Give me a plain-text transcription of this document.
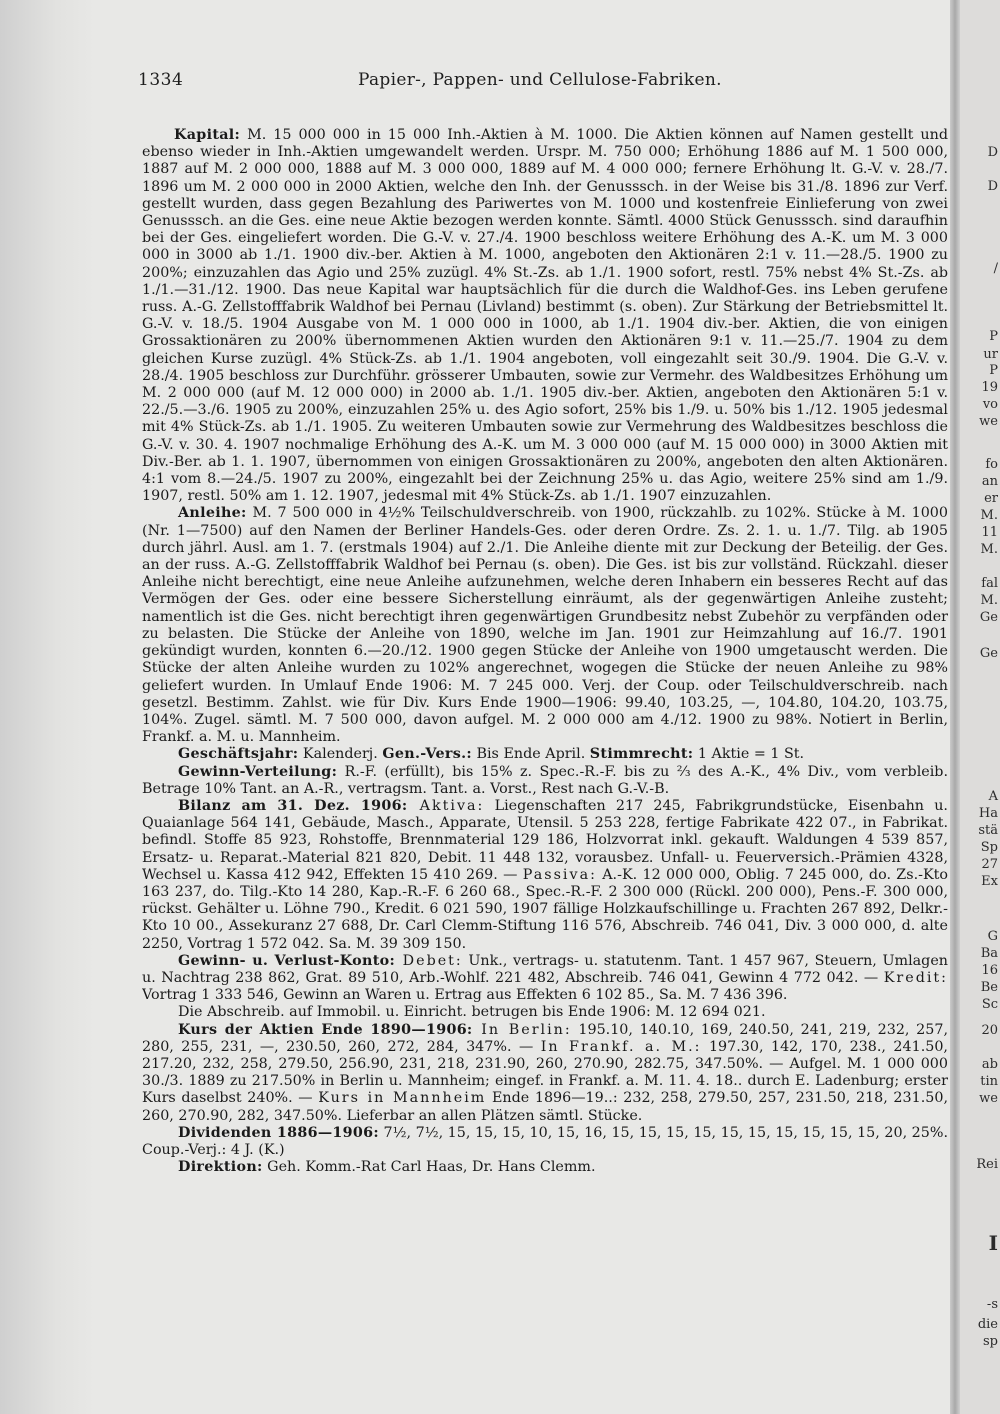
1334	Papier-, Pappen- und Cellulose-Fabriken.

Kapital: M. 15 000 000 in 15 000 Inh.-Aktien à M. 1000. Die Aktien können auf Namen gestellt und ebenso wieder in Inh.-Aktien umgewandelt werden. Urspr. M. 750 000; Erhöhung 1886 auf M. 1 500 000, 1887 auf M. 2 000 000, 1888 auf M. 3 000 000, 1889 auf M. 4 000 000; fernere Erhöhung lt. G.-V. v. 28./7. 1896 um M. 2 000 000 in 2000 Aktien, welche den Inh. der Genusssch. in der Weise bis 31./8. 1896 zur Verf. gestellt wurden, dass gegen Bezahlung des Pariwertes von M. 1000 und kostenfreie Einlieferung von zwei Genusssch. an die Ges. eine neue Aktie bezogen werden konnte. Sämtl. 4000 Stück Genusssch. sind daraufhin bei der Ges. eingeliefert worden. Die G.-V. v. 27./4. 1900 beschloss weitere Erhöhung des A.-K. um M. 3 000 000 in 3000 ab 1./1. 1900 div.-ber. Aktien à M. 1000, angeboten den Aktionären 2:1 v. 11.—28./5. 1900 zu 200%; einzuzahlen das Agio und 25% zuzügl. 4% St.-Zs. ab 1./1. 1900 sofort, restl. 75% nebst 4% St.-Zs. ab 1./1.—31./12. 1900. Das neue Kapital war hauptsächlich für die durch die Waldhof-Ges. ins Leben gerufene russ. A.-G. Zellstofffabrik Waldhof bei Pernau (Livland) bestimmt (s. oben). Zur Stärkung der Betriebsmittel lt. G.-V. v. 18./5. 1904 Ausgabe von M. 1 000 000 in 1000, ab 1./1. 1904 div.-ber. Aktien, die von einigen Grossaktionären zu 200% übernommenen Aktien wurden den Aktionären 9:1 v. 11.—25./7. 1904 zu dem gleichen Kurse zuzügl. 4% Stück-Zs. ab 1./1. 1904 angeboten, voll eingezahlt seit 30./9. 1904. Die G.-V. v. 28./4. 1905 beschloss zur Durchführ. grösserer Umbauten, sowie zur Vermehr. des Waldbesitzes Erhöhung um M. 2 000 000 (auf M. 12 000 000) in 2000 ab. 1./1. 1905 div.-ber. Aktien, angeboten den Aktionären 5:1 v. 22./5.—3./6. 1905 zu 200%, einzuzahlen 25% u. des Agio sofort, 25% bis 1./9. u. 50% bis 1./12. 1905 jedesmal mit 4% Stück-Zs. ab 1./1. 1905. Zu weiteren Umbauten sowie zur Vermehrung des Waldbesitzes beschloss die G.-V. v. 30. 4. 1907 nochmalige Erhöhung des A.-K. um M. 3 000 000 (auf M. 15 000 000) in 3000 Aktien mit Div.-Ber. ab 1. 1. 1907, übernommen von einigen Grossaktionären zu 200%, angeboten den alten Aktionären. 4:1 vom 8.—24./5. 1907 zu 200%, eingezahlt bei der Zeichnung 25% u. das Agio, weitere 25% sind am 1./9. 1907, restl. 50% am 1. 12. 1907, jedesmal mit 4% Stück-Zs. ab 1./1. 1907 einzuzahlen.

Anleihe: M. 7 500 000 in 4½% Teilschuldverschreib. von 1900, rückzahlb. zu 102%. Stücke à M. 1000 (Nr. 1—7500) auf den Namen der Berliner Handels-Ges. oder deren Ordre. Zs. 2. 1. u. 1./7. Tilg. ab 1905 durch jährl. Ausl. am 1. 7. (erstmals 1904) auf 2./1. Die Anleihe diente mit zur Deckung der Beteilig. der Ges. an der russ. A.-G. Zellstofffabrik Waldhof bei Pernau (s. oben). Die Ges. ist bis zur vollständ. Rückzahl. dieser Anleihe nicht berechtigt, eine neue Anleihe aufzunehmen, welche deren Inhabern ein besseres Recht auf das Vermögen der Ges. oder eine bessere Sicherstellung einräumt, als der gegenwärtigen Anleihe zusteht; namentlich ist die Ges. nicht berechtigt ihren gegenwärtigen Grundbesitz nebst Zubehör zu verpfänden oder zu belasten. Die Stücke der Anleihe von 1890, welche im Jan. 1901 zur Heimzahlung auf 16./7. 1901 gekündigt wurden, konnten 6.—20./12. 1900 gegen Stücke der Anleihe von 1900 umgetauscht werden. Die Stücke der alten Anleihe wurden zu 102% angerechnet, wogegen die Stücke der neuen Anleihe zu 98% geliefert wurden. In Umlauf Ende 1906: M. 7 245 000. Verj. der Coup. oder Teilschuldverschreib. nach gesetzl. Bestimm. Zahlst. wie für Div. Kurs Ende 1900—1906: 99.40, 103.25, —, 104.80, 104.20, 103.75, 104%. Zugel. sämtl. M. 7 500 000, davon aufgel. M. 2 000 000 am 4./12. 1900 zu 98%. Notiert in Berlin, Frankf. a. M. u. Mannheim.

Geschäftsjahr: Kalenderj. Gen.-Vers.: Bis Ende April. Stimmrecht: 1 Aktie = 1 St.

Gewinn-Verteilung: R.-F. (erfüllt), bis 15% z. Spec.-R.-F. bis zu ⅔ des A.-K., 4% Div., vom verbleib. Betrage 10% Tant. an A.-R., vertragsm. Tant. a. Vorst., Rest nach G.-V.-B.

Bilanz am 31. Dez. 1906: Aktiva: Liegenschaften 217 245, Fabrikgrundstücke, Eisenbahn u. Quaianlage 564 141, Gebäude, Masch., Apparate, Utensil. 5 253 228, fertige Fabrikate 422 07., in Fabrikat. befindl. Stoffe 85 923, Rohstoffe, Brennmaterial 129 186, Holzvorrat inkl. gekauft. Waldungen 4 539 857, Ersatz- u. Reparat.-Material 821 820, Debit. 11 448 132, vorausbez. Unfall- u. Feuerversich.-Prämien 4328, Wechsel u. Kassa 412 942, Effekten 15 410 269. — Passiva: A.-K. 12 000 000, Oblig. 7 245 000, do. Zs.-Kto 163 237, do. Tilg.-Kto 14 280, Kap.-R.-F. 6 260 68., Spec.-R.-F. 2 300 000 (Rückl. 200 000), Pens.-F. 300 000, rückst. Gehälter u. Löhne 790., Kredit. 6 021 590, 1907 fällige Holzkaufschillinge u. Frachten 267 892, Delkr.-Kto 10 00., Assekuranz 27 688, Dr. Carl Clemm-Stiftung 116 576, Abschreib. 746 041, Div. 3 000 000, d. alte 2250, Vortrag 1 572 042. Sa. M. 39 309 150.

Gewinn- u. Verlust-Konto: Debet: Unk., vertrags- u. statutenm. Tant. 1 457 967, Steuern, Umlagen u. Nachtrag 238 862, Grat. 89 510, Arb.-Wohlf. 221 482, Abschreib. 746 041, Gewinn 4 772 042. — Kredit: Vortrag 1 333 546, Gewinn an Waren u. Ertrag aus Effekten 6 102 85., Sa. M. 7 436 396.

Die Abschreib. auf Immobil. u. Einricht. betrugen bis Ende 1906: M. 12 694 021.

Kurs der Aktien Ende 1890—1906: In Berlin: 195.10, 140.10, 169, 240.50, 241, 219, 232, 257, 280, 255, 231, —, 230.50, 260, 272, 284, 347%. — In Frankf. a. M.: 197.30, 142, 170, 238., 241.50, 217.20, 232, 258, 279.50, 256.90, 231, 218, 231.90, 260, 270.90, 282.75, 347.50%. — Aufgel. M. 1 000 000 30./3. 1889 zu 217.50% in Berlin u. Mannheim; eingef. in Frankf. a. M. 11. 4. 18.. durch E. Ladenburg; erster Kurs daselbst 240%. — Kurs in Mannheim Ende 1896—19..: 232, 258, 279.50, 257, 231.50, 218, 231.50, 260, 270.90, 282, 347.50%. Lieferbar an allen Plätzen sämtl. Stücke.

Dividenden 1886—1906: 7½, 7½, 15, 15, 15, 10, 15, 16, 15, 15, 15, 15, 15, 15, 15, 15, 15, 15, 20, 25%. Coup.-Verj.: 4 J. (K.)

Direktion: Geh. Komm.-Rat Carl Haas, Dr. Hans Clemm.

D
D
/
P
ur
P
19
vo
we
fo
an
er
M.
11
M.
fal
M.
Ge
Ge
A
Ha
stä
Sp
27
Ex
G
Ba
16
Be
Sc
20
ab
tin
we
Rei
I
-s
die
sp
